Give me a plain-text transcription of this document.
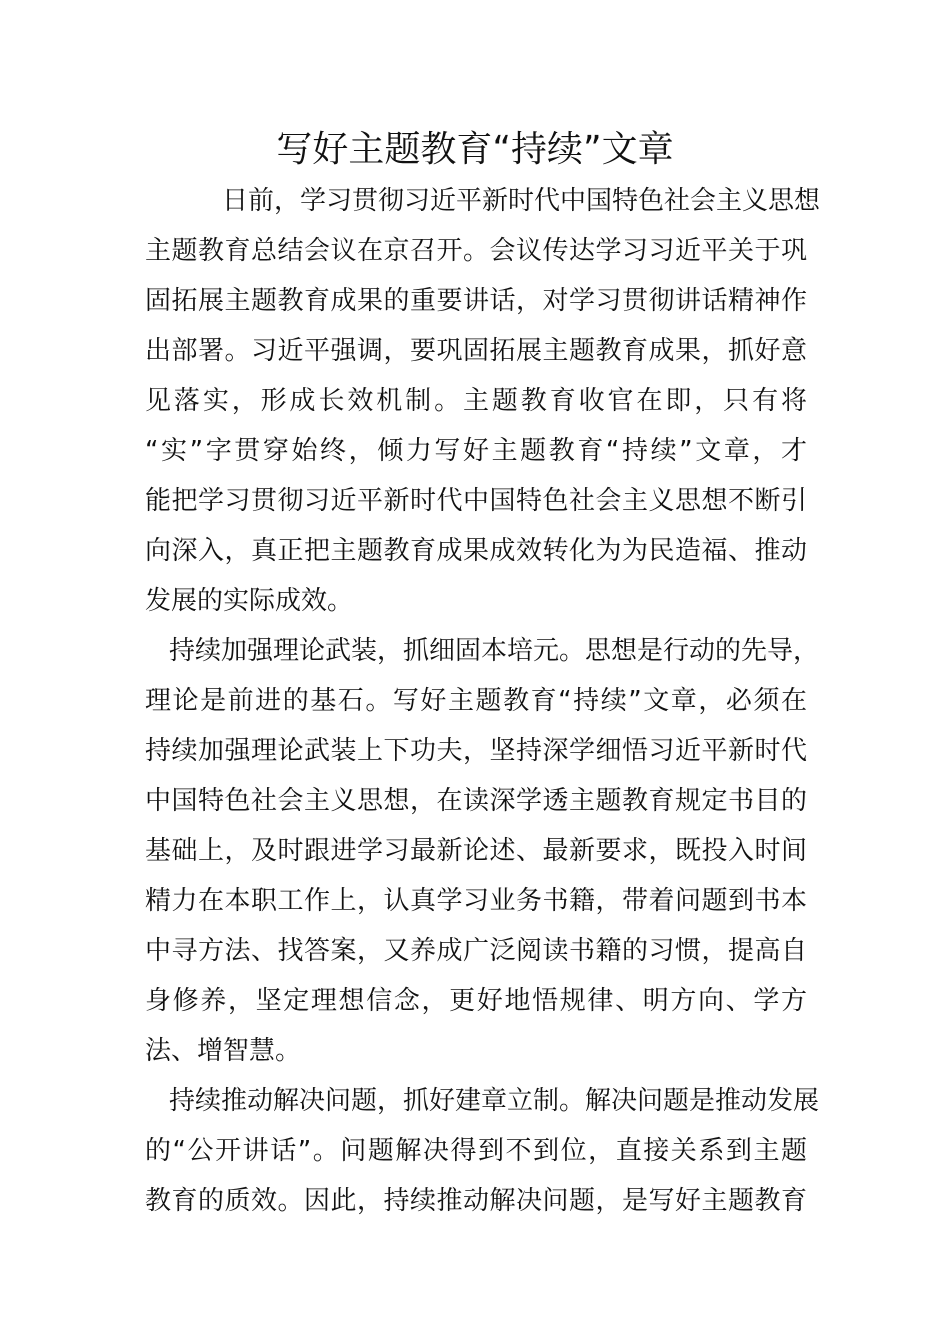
写好主题教育“持续”文章
日前，学习贯彻习近平新时代中国特色社会主义思想
主题教育总结会议在京召开。会议传达学习习近平关于巩
固拓展主题教育成果的重要讲话，对学习贯彻讲话精神作
出部署。习近平强调，要巩固拓展主题教育成果，抓好意
见落实，形成长效机制。主题教育收官在即，只有将
“实”字贯穿始终，倾力写好主题教育“持续”文章，才
能把学习贯彻习近平新时代中国特色社会主义思想不断引
向深入，真正把主题教育成果成效转化为为民造福、推动
发展的实际成效。
持续加强理论武装，抓细固本培元。思想是行动的先导，
理论是前进的基石。写好主题教育“持续”文章，必须在
持续加强理论武装上下功夫，坚持深学细悟习近平新时代
中国特色社会主义思想，在读深学透主题教育规定书目的
基础上，及时跟进学习最新论述、最新要求，既投入时间
精力在本职工作上，认真学习业务书籍，带着问题到书本
中寻方法、找答案，又养成广泛阅读书籍的习惯，提高自
身修养，坚定理想信念，更好地悟规律、明方向、学方
法、增智慧。
持续推动解决问题，抓好建章立制。解决问题是推动发展
的“公开讲话”。问题解决得到不到位，直接关系到主题
教育的质效。因此，持续推动解决问题，是写好主题教育
